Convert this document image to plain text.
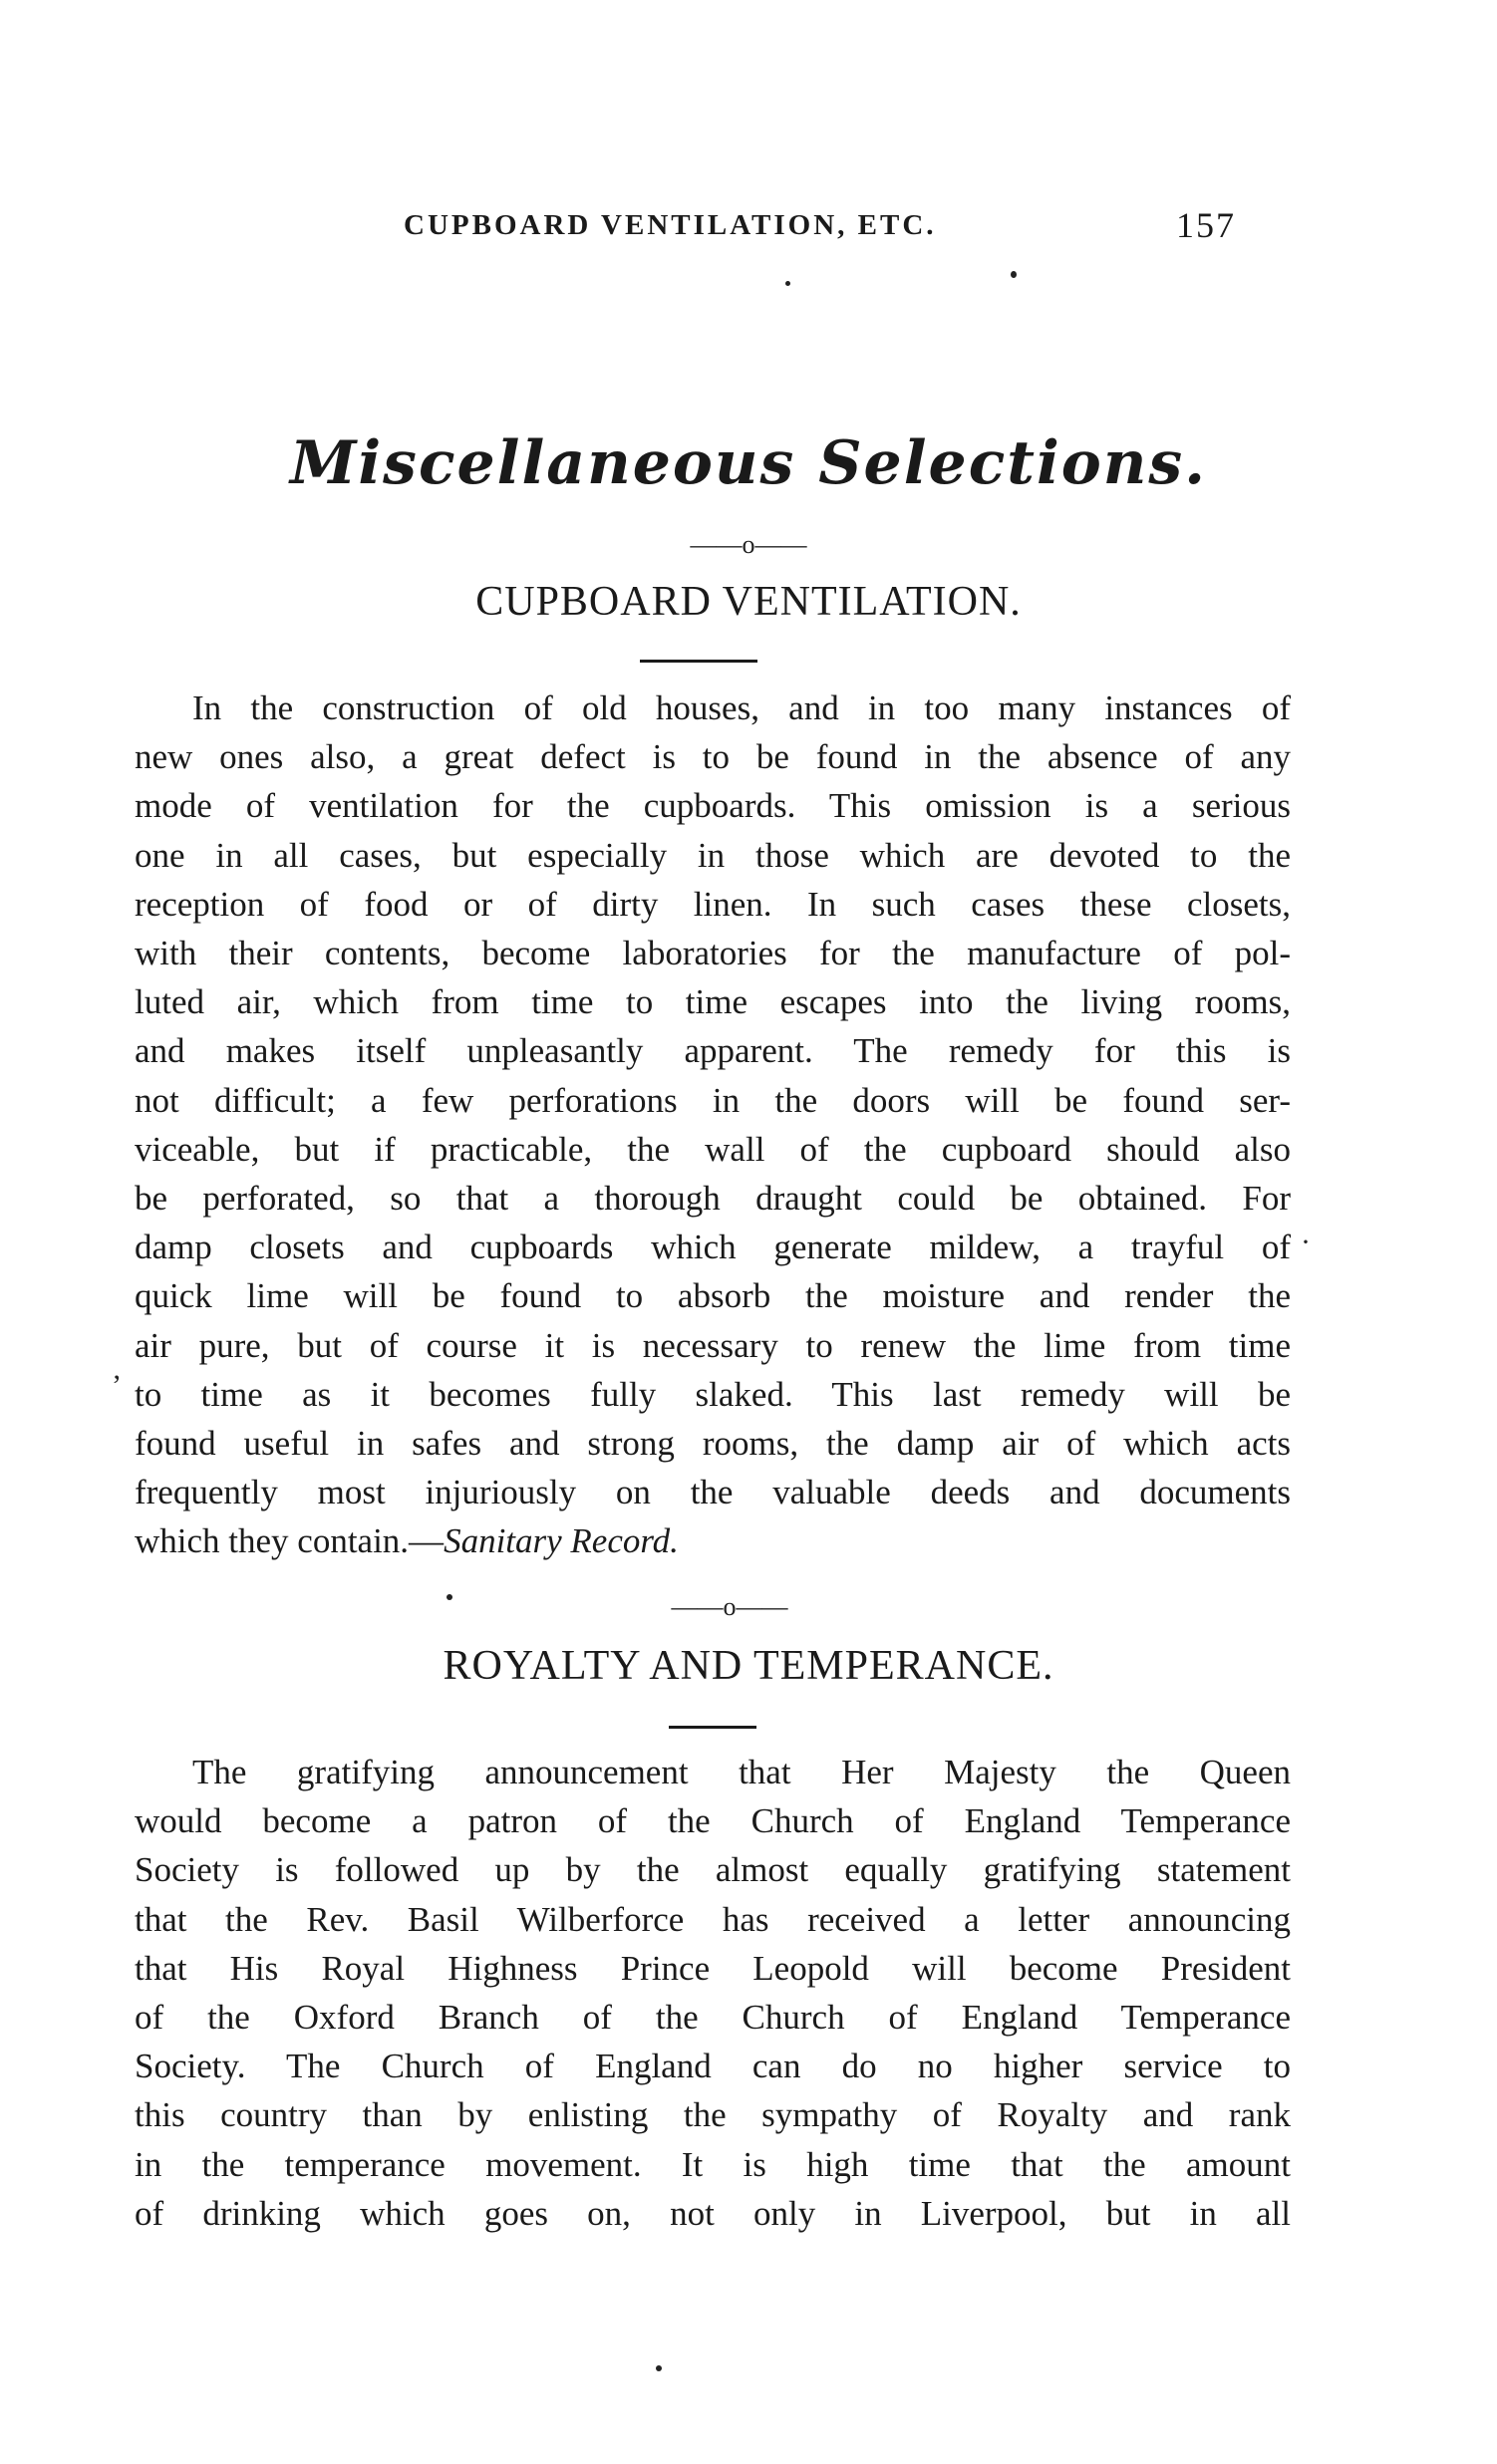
CUPBOARD VENTILATION, ETC.	157
Miscellaneous Selections.
——o——
CUPBOARD VENTILATION.
In the construction of old houses, and in too many instances of
new ones also, a great defect is to be found in the absence of any
mode of ventilation for the cupboards. This omission is a serious
one in all cases, but especially in those which are devoted to the
reception of food or of dirty linen. In such cases these closets,
with their contents, become laboratories for the manufacture of pol-
luted air, which from time to time escapes into the living rooms,
and makes itself unpleasantly apparent. The remedy for this is
not difficult; a few perforations in the doors will be found ser-
viceable, but if practicable, the wall of the cupboard should also
be perforated, so that a thorough draught could be obtained. For
damp closets and cupboards which generate mildew, a trayful of
quick lime will be found to absorb the moisture and render the
air pure, but of course it is necessary to renew the lime from time
to time as it becomes fully slaked. This last remedy will be
found useful in safes and strong rooms, the damp air of which acts
frequently most injuriously on the valuable deeds and documents
which they contain.—Sanitary Record.
·
’
——o——
ROYALTY AND TEMPERANCE.
The gratifying announcement that Her Majesty the Queen
would become a patron of the Church of England Temperance
Society is followed up by the almost equally gratifying statement
that the Rev. Basil Wilberforce has received a letter announcing
that His Royal Highness Prince Leopold will become President
of the Oxford Branch of the Church of England Temperance
Society. The Church of England can do no higher service to
this country than by enlisting the sympathy of Royalty and rank
in the temperance movement. It is high time that the amount
of drinking which goes on, not only in Liverpool, but in all
